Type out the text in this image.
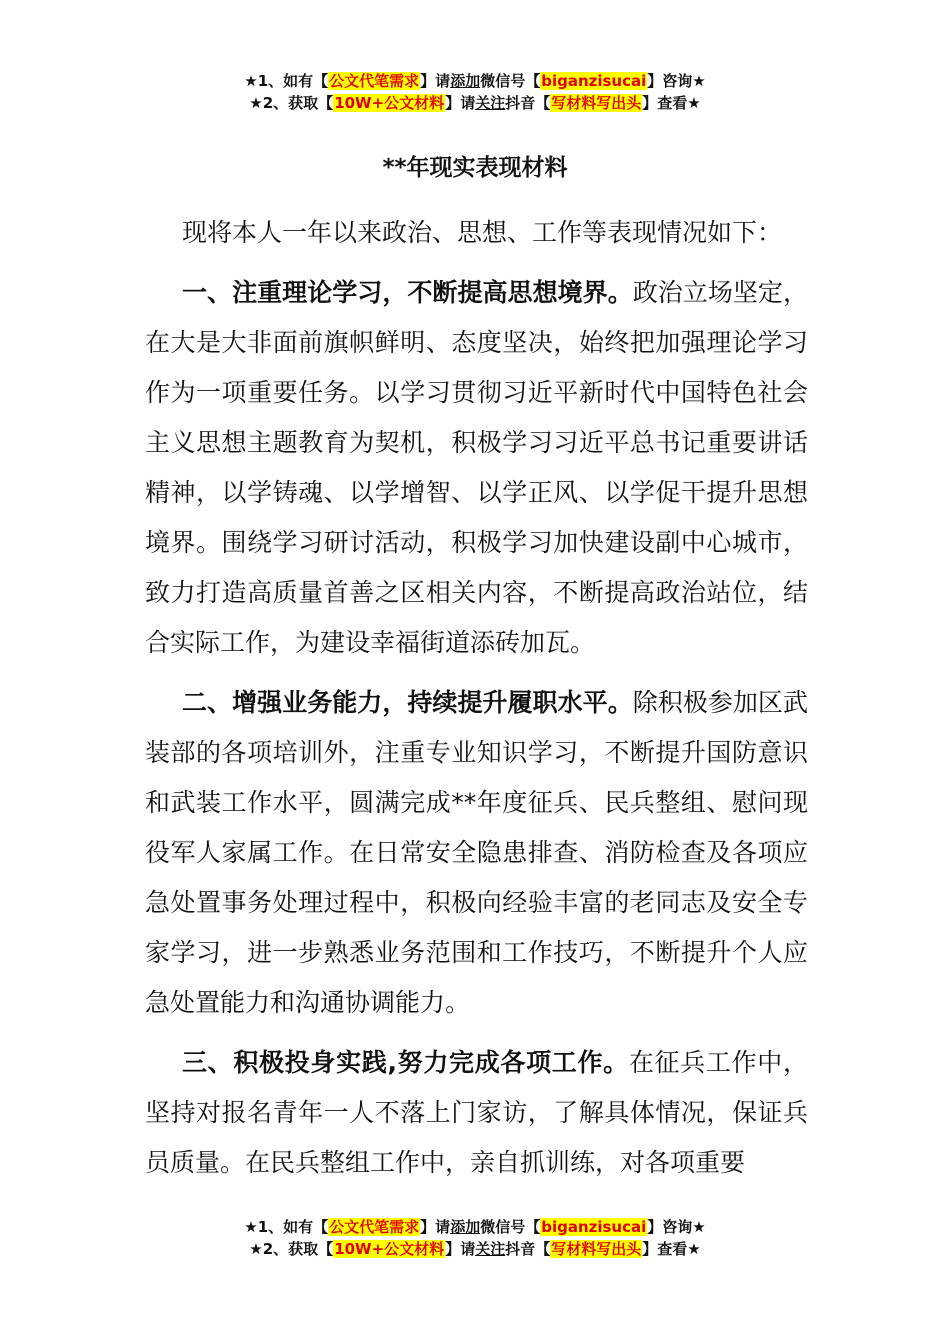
★1、如有【公文代笔需求】请添加微信号【biganzisucai】咨询★
★2、获取【10W+公文材料】请关注抖音【写材料写出头】查看★
**年现实表现材料

现将本人一年以来政治、思想、工作等表现情况如下：

一、注重理论学习，不断提高思想境界。政治立场坚定，在大是大非面前旗帜鲜明、态度坚决，始终把加强理论学习作为一项重要任务。以学习贯彻习近平新时代中国特色社会主义思想主题教育为契机，积极学习习近平总书记重要讲话精神，以学铸魂、以学增智、以学正风、以学促干提升思想境界。围绕学习研讨活动，积极学习加快建设副中心城市，致力打造高质量首善之区相关内容，不断提高政治站位，结合实际工作，为建设幸福街道添砖加瓦。

二、增强业务能力，持续提升履职水平。除积极参加区武装部的各项培训外，注重专业知识学习，不断提升国防意识和武装工作水平，圆满完成**年度征兵、民兵整组、慰问现役军人家属工作。在日常安全隐患排查、消防检查及各项应急处置事务处理过程中，积极向经验丰富的老同志及安全专家学习，进一步熟悉业务范围和工作技巧，不断提升个人应急处置能力和沟通协调能力。

三、积极投身实践,努力完成各项工作。在征兵工作中，坚持对报名青年一人不落上门家访，了解具体情况，保证兵员质量。在民兵整组工作中，亲自抓训练，对各项重要

★1、如有【公文代笔需求】请添加微信号【biganzisucai】咨询★
★2、获取【10W+公文材料】请关注抖音【写材料写出头】查看★
